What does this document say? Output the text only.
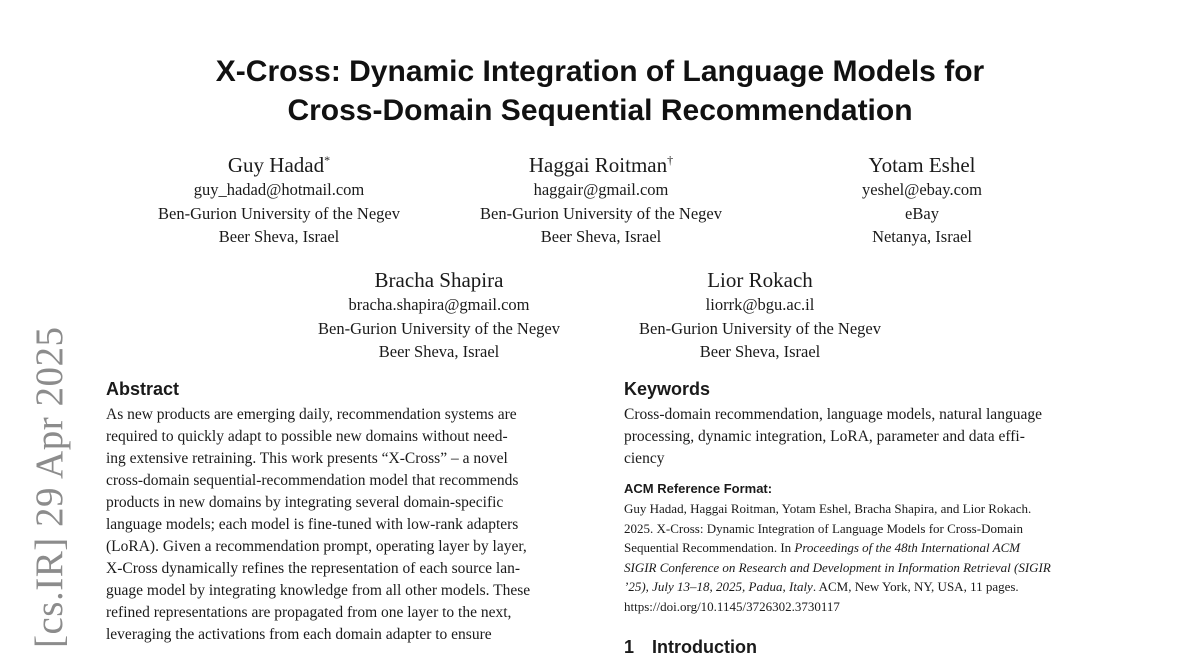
X-Cross: Dynamic Integration of Language Models for
Cross-Domain Sequential Recommendation
Guy Hadad*
guy_hadad@hotmail.com
Ben-Gurion University of the Negev
Beer Sheva, Israel
Haggai Roitman†
haggair@gmail.com
Ben-Gurion University of the Negev
Beer Sheva, Israel
Yotam Eshel
yeshel@ebay.com
eBay
Netanya, Israel
Bracha Shapira
bracha.shapira@gmail.com
Ben-Gurion University of the Negev
Beer Sheva, Israel
Lior Rokach
liorrk@bgu.ac.il
Ben-Gurion University of the Negev
Beer Sheva, Israel
[cs.IR] 29 Apr 2025 Abstract
As new products are emerging daily, recommendation systems are
required to quickly adapt to possible new domains without need-
ing extensive retraining. This work presents “X-Cross” – a novel
cross-domain sequential-recommendation model that recommends
products in new domains by integrating several domain-specific
language models; each model is fine-tuned with low-rank adapters
(LoRA). Given a recommendation prompt, operating layer by layer,
X-Cross dynamically refines the representation of each source lan-
guage model by integrating knowledge from all other models. These
refined representations are propagated from one layer to the next,
leveraging the activations from each domain adapter to ensure
Keywords
Cross-domain recommendation, language models, natural language
processing, dynamic integration, LoRA, parameter and data effi-
ciency
ACM Reference Format:
Guy Hadad, Haggai Roitman, Yotam Eshel, Bracha Shapira, and Lior Rokach.
2025. X-Cross: Dynamic Integration of Language Models for Cross-Domain
Sequential Recommendation. In Proceedings of the 48th International ACM
SIGIR Conference on Research and Development in Information Retrieval (SIGIR
’25), July 13–18, 2025, Padua, Italy. ACM, New York, NY, USA, 11 pages.
https://doi.org/10.1145/3726302.3730117
1 Introduction
